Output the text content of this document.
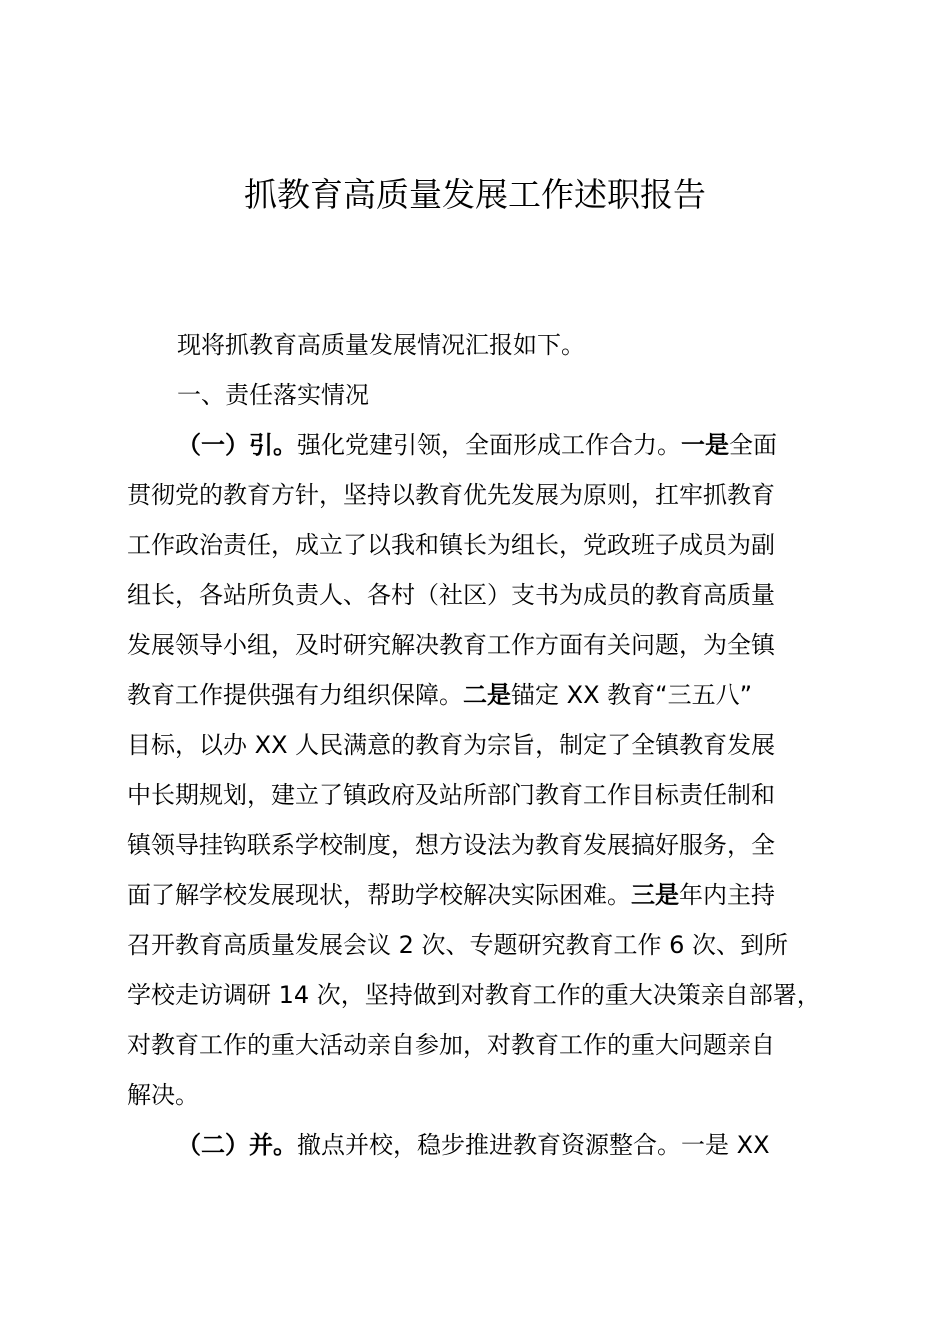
抓教育高质量发展工作述职报告

现将抓教育高质量发展情况汇报如下。

一、责任落实情况

（一）引。强化党建引领，全面形成工作合力。一是全面
贯彻党的教育方针，坚持以教育优先发展为原则，扛牢抓教育
工作政治责任，成立了以我和镇长为组长，党政班子成员为副
组长，各站所负责人、各村（社区）支书为成员的教育高质量
发展领导小组，及时研究解决教育工作方面有关问题，为全镇
教育工作提供强有力组织保障。二是锚定 XX 教育“三五八”
目标，以办 XX 人民满意的教育为宗旨，制定了全镇教育发展
中长期规划，建立了镇政府及站所部门教育工作目标责任制和
镇领导挂钩联系学校制度，想方设法为教育发展搞好服务，全
面了解学校发展现状，帮助学校解决实际困难。三是年内主持
召开教育高质量发展会议 2 次、专题研究教育工作 6 次、到所
学校走访调研 14 次，坚持做到对教育工作的重大决策亲自部署，
对教育工作的重大活动亲自参加，对教育工作的重大问题亲自
解决。
（二）并。撤点并校，稳步推进教育资源整合。一是 XX
